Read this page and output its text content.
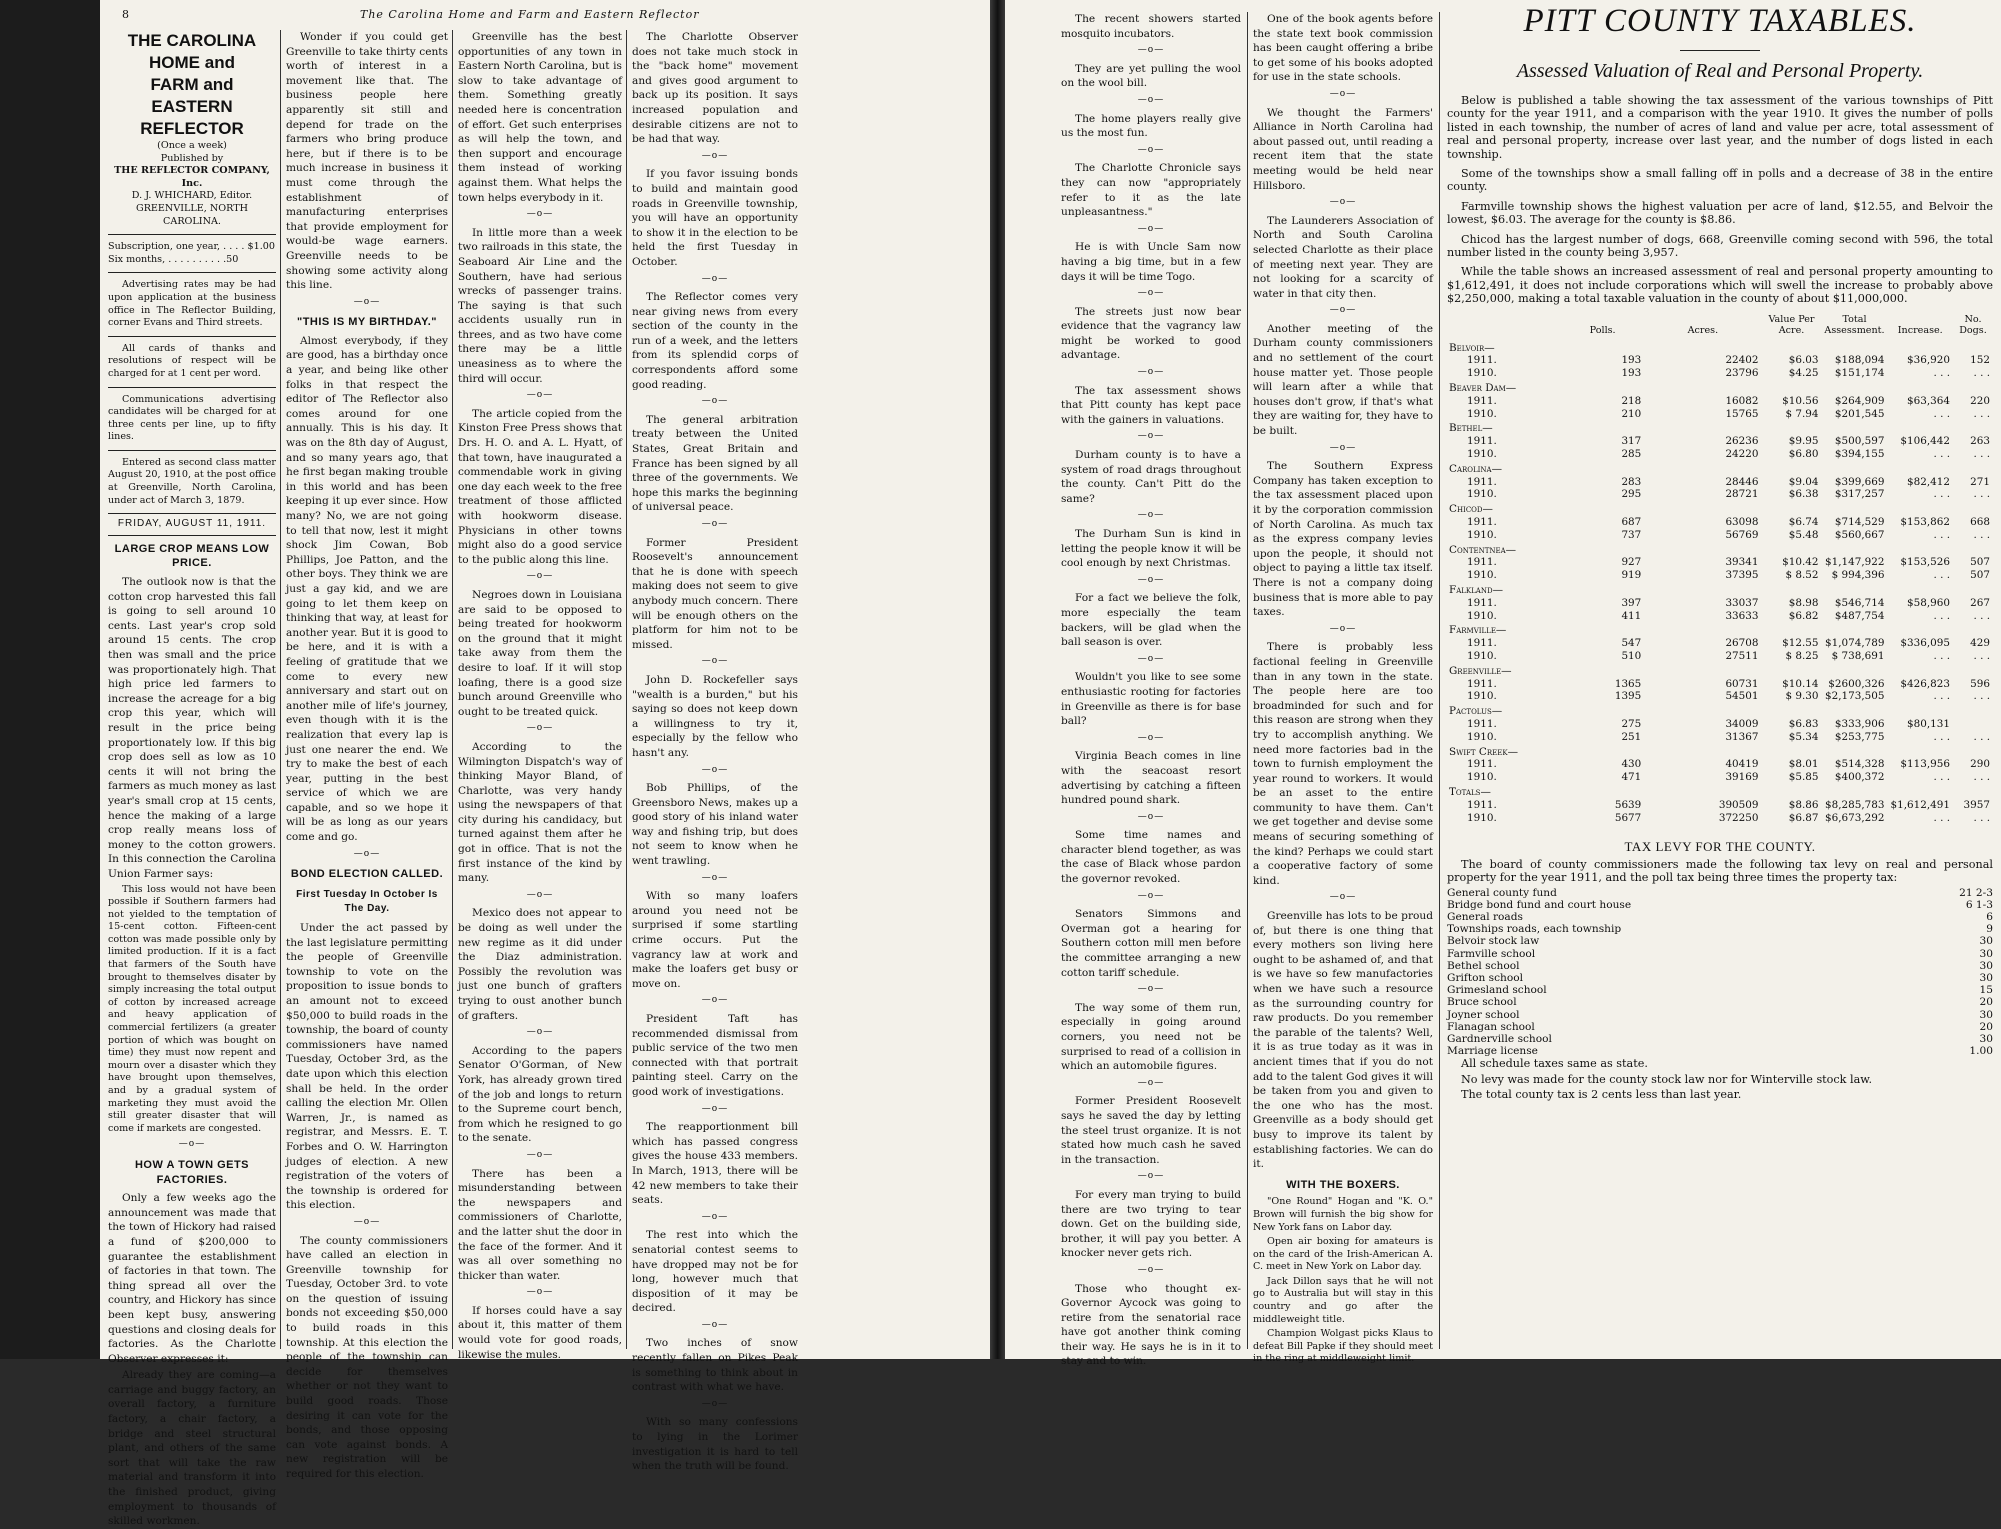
8	The Carolina Home and Farm and Eastern Reflector
THE CAROLINA HOME and
FARM and EASTERN
REFLECTOR
(Once a week)
Published by
THE REFLECTOR COMPANY, Inc.
D. J. WHICHARD, Editor.
GREENVILLE, NORTH CAROLINA.
Subscription, one year, . . . . $1.00
Six months, . . . . . . . . . .50

Advertising rates may be had upon application at the business office in The Reflector Building, corner Evans and Third streets.

All cards of thanks and resolutions of respect will be charged for at 1 cent per word.

Communications advertising candidates will be charged for at three cents per line, up to fifty lines.

Entered as second class matter August 20, 1910, at the post office at Greenville, North Carolina, under act of March 3, 1879.

FRIDAY, AUGUST 11, 1911.
LARGE CROP MEANS LOW PRICE.

The outlook now is that the cotton crop harvested this fall is going to sell around 10 cents. Last year's crop sold around 15 cents. The crop then was small and the price was proportionately high. That high price led farmers to increase the acreage for a big crop this year, which will result in the price being proportionately low. If this big crop does sell as low as 10 cents it will not bring the farmers as much money as last year's small crop at 15 cents, hence the making of a large crop really means loss of money to the cotton growers. In this connection the Carolina Union Farmer says:

This loss would not have been possible if Southern farmers had not yielded to the temptation of 15-cent cotton. Fifteen-cent cotton was made possible only by limited production. If it is a fact that farmers of the South have brought to themselves disater by simply increasing the total output of cotton by increased acreage and heavy application of commercial fertilizers (a greater portion of which was bought on time) they must now repent and mourn over a disaster which they have brought upon themselves, and by a gradual system of marketing they must avoid the still greater disaster that will come if markets are congested.

—o—
HOW A TOWN GETS FACTORIES.

Only a few weeks ago the announcement was made that the town of Hickory had raised a fund of $200,000 to guarantee the establishment of factories in that town. The thing spread all over the country, and Hickory has since been kept busy, answering questions and closing deals for factories. As the Charlotte Observer expresses it:

Already they are coming—a carriage and buggy factory, an overall factory, a furniture factory, a chair factory, a bridge and steel structural plant, and others of the same sort that will take the raw material and transform it into the finished product, giving employment to thousands of skilled workmen.

Wonder if you could get Greenville to take thirty cents worth of interest in a movement like that. The business people here apparently sit still and depend for trade on the farmers who bring produce here, but if there is to be much increase in business it must come through the establishment of manufacturing enterprises that provide employment for would-be wage earners. Greenville needs to be showing some activity along this line.

—o—
"THIS IS MY BIRTHDAY."

Almost everybody, if they are good, has a birthday once a year, and being like other folks in that respect the editor of The Reflector also comes around for one annually. This is his day. It was on the 8th day of August, and so many years ago, that he first began making trouble in this world and has been keeping it up ever since. How many? No, we are not going to tell that now, lest it might shock Jim Cowan, Bob Phillips, Joe Patton, and the other boys. They think we are just a gay kid, and we are going to let them keep on thinking that way, at least for another year. But it is good to be here, and it is with a feeling of gratitude that we come to every new anniversary and start out on another mile of life's journey, even though with it is the realization that every lap is just one nearer the end. We try to make the best of each year, putting in the best service of which we are capable, and so we hope it will be as long as our years come and go.

—o—
BOND ELECTION CALLED.
First Tuesday In October Is The Day.

Under the act passed by the last legislature permitting the people of Greenville township to vote on the proposition to issue bonds to an amount not to exceed $50,000 to build roads in the township, the board of county commissioners have named Tuesday, October 3rd, as the date upon which this election shall be held. In the order calling the election Mr. Ollen Warren, Jr., is named as registrar, and Messrs. E. T. Forbes and O. W. Harrington judges of election. A new registration of the voters of the township is ordered for this election.

—o—

The county commissioners have called an election in Greenville township for Tuesday, October 3rd. to vote on the question of issuing bonds not exceeding $50,000 to build roads in this township. At this election the people of the township can decide for themselves whether or not they want to build good roads. Those desiring it can vote for the bonds, and those opposing can vote against bonds. A new registration will be required for this election.

Greenville has the best opportunities of any town in Eastern North Carolina, but is slow to take advantage of them. Something greatly needed here is concentration of effort. Get such enterprises as will help the town, and then support and encourage them instead of working against them. What helps the town helps everybody in it.

—o—

In little more than a week two railroads in this state, the Seaboard Air Line and the Southern, have had serious wrecks of passenger trains. The saying is that such accidents usually run in threes, and as two have come there may be a little uneasiness as to where the third will occur.

—o—

The article copied from the Kinston Free Press shows that Drs. H. O. and A. L. Hyatt, of that town, have inaugurated a commendable work in giving one day each week to the free treatment of those afflicted with hookworm disease. Physicians in other towns might also do a good service to the public along this line.

—o—

Negroes down in Louisiana are said to be opposed to being treated for hookworm on the ground that it might take away from them the desire to loaf. If it will stop loafing, there is a good size bunch around Greenville who ought to be treated quick.

—o—

According to the Wilmington Dispatch's way of thinking Mayor Bland, of Charlotte, was very handy using the newspapers of that city during his candidacy, but turned against them after he got in office. That is not the first instance of the kind by many.

—o—

Mexico does not appear to be doing as well under the new regime as it did under the Diaz administration. Possibly the revolution was just one bunch of grafters trying to oust another bunch of grafters.

—o—

According to the papers Senator O'Gorman, of New York, has already grown tired of the job and longs to return to the Supreme court bench, from which he resigned to go to the senate.

—o—

There has been a misunderstanding between the newspapers and commissioners of Charlotte, and the latter shut the door in the face of the former. And it was all over something no thicker than water.

—o—

If horses could have a say about it, this matter of them would vote for good roads, likewise the mules.

The Charlotte Observer does not take much stock in the "back home" movement and gives good argument to back up its position. It says increased population and desirable citizens are not to be had that way.

—o—

If you favor issuing bonds to build and maintain good roads in Greenville township, you will have an opportunity to show it in the election to be held the first Tuesday in October.

—o—

The Reflector comes very near giving news from every section of the county in the run of a week, and the letters from its splendid corps of correspondents afford some good reading.

—o—

The general arbitration treaty between the United States, Great Britain and France has been signed by all three of the governments. We hope this marks the beginning of universal peace.

—o—

Former President Roosevelt's announcement that he is done with speech making does not seem to give anybody much concern. There will be enough others on the platform for him not to be missed.

—o—

John D. Rockefeller says "wealth is a burden," but his saying so does not keep down a willingness to try it, especially by the fellow who hasn't any.

—o—

Bob Phillips, of the Greensboro News, makes up a good story of his inland water way and fishing trip, but does not seem to know when he went trawling.

—o—

With so many loafers around you need not be surprised if some startling crime occurs. Put the vagrancy law at work and make the loafers get busy or move on.

—o—

President Taft has recommended dismissal from public service of the two men connected with that portrait painting steel. Carry on the good work of investigations.

—o—

The reapportionment bill which has passed congress gives the house 433 members. In March, 1913, there will be 42 new members to take their seats.

—o—

The rest into which the senatorial contest seems to have dropped may not be for long, however much that disposition of it may be decired.

—o—

Two inches of snow recently fallen on Pikes Peak is something to think about in contrast with what we have.

—o—

With so many confessions to lying in the Lorimer investigation it is hard to tell when the truth will be found.

The recent showers started mosquito incubators.

—o—

They are yet pulling the wool on the wool bill.

—o—

The home players really give us the most fun.

—o—

The Charlotte Chronicle says they can now "appropriately refer to it as the late unpleasantness."

—o—

He is with Uncle Sam now having a big time, but in a few days it will be time Togo.

—o—

The streets just now bear evidence that the vagrancy law might be worked to good advantage.

—o—

The tax assessment shows that Pitt county has kept pace with the gainers in valuations.

—o—

Durham county is to have a system of road drags throughout the county. Can't Pitt do the same?

—o—

The Durham Sun is kind in letting the people know it will be cool enough by next Christmas.

—o—

For a fact we believe the folk, more especially the team backers, will be glad when the ball season is over.

—o—

Wouldn't you like to see some enthusiastic rooting for factories in Greenville as there is for base ball?

—o—

Virginia Beach comes in line with the seacoast resort advertising by catching a fifteen hundred pound shark.

—o—

Some time names and character blend together, as was the case of Black whose pardon the governor revoked.

—o—

Senators Simmons and Overman got a hearing for Southern cotton mill men before the committee arranging a new cotton tariff schedule.

—o—

The way some of them run, especially in going around corners, you need not be surprised to read of a collision in which an automobile figures.

—o—

Former President Roosevelt says he saved the day by letting the steel trust organize. It is not stated how much cash he saved in the transaction.

—o—

For every man trying to build there are two trying to tear down. Get on the building side, brother, it will pay you better. A knocker never gets rich.

—o—

Those who thought ex-Governor Aycock was going to retire from the senatorial race have got another think coming their way. He says he is in it to stay and to win.

One of the book agents before the state text book commission has been caught offering a bribe to get some of his books adopted for use in the state schools.

—o—

We thought the Farmers' Alliance in North Carolina had about passed out, until reading a recent item that the state meeting would be held near Hillsboro.

—o—

The Launderers Association of North and South Carolina selected Charlotte as their place of meeting next year. They are not looking for a scarcity of water in that city then.

—o—

Another meeting of the Durham county commissioners and no settlement of the court house matter yet. Those people will learn after a while that houses don't grow, if that's what they are waiting for, they have to be built.

—o—

The Southern Express Company has taken exception to the tax assessment placed upon it by the corporation commission of North Carolina. As much tax as the express company levies upon the people, it should not object to paying a little tax itself. There is not a company doing business that is more able to pay taxes.

—o—

There is probably less factional feeling in Greenville than in any town in the state. The people here are too broadminded for such and for this reason are strong when they try to accomplish anything. We need more factories bad in the town to furnish employment the year round to workers. It would be an asset to the entire community to have them. Can't we get together and devise some means of securing something of the kind? Perhaps we could start a cooperative factory of some kind.

—o—

Greenville has lots to be proud of, but there is one thing that every mothers son living here ought to be ashamed of, and that is we have so few manufactories when we have such a resource as the surrounding country for raw products. Do you remember the parable of the talents? Well, it is as true today as it was in ancient times that if you do not add to the talent God gives it will be taken from you and given to the one who has the most. Greenville as a body should get busy to improve its talent by establishing factories. We can do it.

WITH THE BOXERS.

"One Round" Hogan and "K. O." Brown will furnish the big show for New York fans on Labor day.

Open air boxing for amateurs is on the card of the Irish-American A. C. meet in New York on Labor day.

Jack Dillon says that he will not go to Australia but will stay in this country and go after the middleweight title.

Champion Wolgast picks Klaus to defeat Bill Papke if they should meet in the ring at middleweight limit.

PITT COUNTY TAXABLES.
Assessed Valuation of Real and Personal Property.

Below is published a table showing the tax assessment of the various townships of Pitt county for the year 1911, and a comparison with the year 1910. It gives the number of polls listed in each township, the number of acres of land and value per acre, total assessment of real and personal property, increase over last year, and the number of dogs listed in each township.

Some of the townships show a small falling off in polls and a decrease of 38 in the entire county.

Farmville township shows the highest valuation per acre of land, $12.55, and Belvoir the lowest, $6.03. The average for the county is $8.86.

Chicod has the largest number of dogs, 668, Greenville coming second with 596, the total number listed in the county being 3,957.

While the table shows an increased assessment of real and personal property amounting to $1,612,491, it does not include corporations which will swell the increase to probably above $2,250,000, making a total taxable valuation in the county of about $11,000,000.

	Polls.	Acres.	Value Per Acre.	Total Assessment.	Increase.	No. Dogs.
Belvoir—						
1911.	193	22402	$6.03	$188,094	$36,920	152
1910.	193	23796	$4.25	$151,174	. . .	. . .
Beaver Dam—						
1911.	218	16082	$10.56	$264,909	$63,364	220
1910.	210	15765	$ 7.94	$201,545	. . .	. . .
Bethel—						
1911.	317	26236	$9.95	$500,597	$106,442	263
1910.	285	24220	$6.80	$394,155	. . .	. . .
Carolina—						
1911.	283	28446	$9.04	$399,669	$82,412	271
1910.	295	28721	$6.38	$317,257	. . .	. . .
Chicod—						
1911.	687	63098	$6.74	$714,529	$153,862	668
1910.	737	56769	$5.48	$560,667	. . .	. . .
Contentnea—						
1911.	927	39341	$10.42	$1,147,922	$153,526	507
1910.	919	37395	$ 8.52	$ 994,396	. . .	507
Falkland—						
1911.	397	33037	$8.98	$546,714	$58,960	267
1910.	411	33633	$6.82	$487,754	. . .	. . .
Farmville—						
1911.	547	26708	$12.55	$1,074,789	$336,095	429
1910.	510	27511	$ 8.25	$ 738,691	. . .	. . .
Greenville—						
1911.	1365	60731	$10.14	$2600,326	$426,823	596
1910.	1395	54501	$ 9.30	$2,173,505	. . .	. . .
Pactolus—						
1911.	275	34009	$6.83	$333,906	$80,131	
1910.	251	31367	$5.34	$253,775	. . .	. . .
Swift Creek—						
1911.	430	40419	$8.01	$514,328	$113,956	290
1910.	471	39169	$5.85	$400,372	. . .	. . .
Totals—						
1911.	5639	390509	$8.86	$8,285,783	$1,612,491	3957
1910.	5677	372250	$6.87	$6,673,292	. . .	. . .
TAX LEVY FOR THE COUNTY.

The board of county commissioners made the following tax levy on real and personal property for the year 1911, and the poll tax being three times the property tax:

General county fund	21 2-3
Bridge bond fund and court house	6 1-3
General roads	6
Townships roads, each township	9
Belvoir stock law	30
Farmville school	30
Bethel school	30
Grifton school	30
Grimesland school	15
Bruce school	20
Joyner school	30
Flanagan school	20
Gardnerville school	30
Marriage license	1.00

All schedule taxes same as state.

No levy was made for the county stock law nor for Winterville stock law.

The total county tax is 2 cents less than last year.
